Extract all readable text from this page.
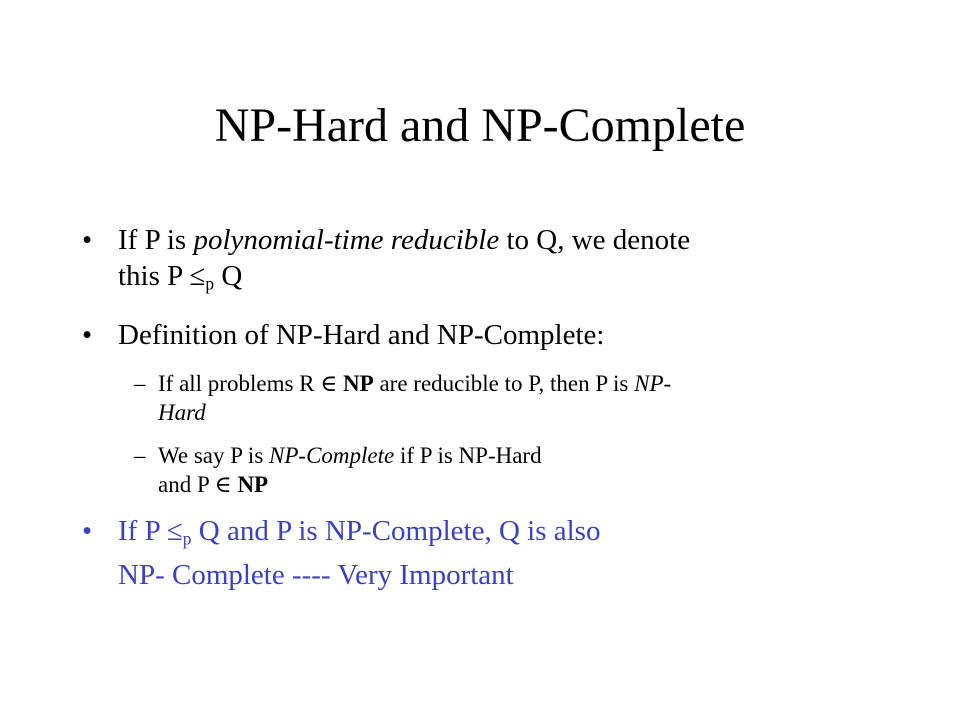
NP-Hard and NP-Complete
• If P is polynomial-time reducible to Q, we denote
this $P \le_p$ Q
• Definition of NP-Hard and NP-Complete:
– If all problems R ∈ NP are reducible to P, then P is NP-
Hard
– We say P is NP-Complete if P is NP-Hard
and P ∈ NP
• If $P \le_p$ Q and P is NP-Complete, Q is also
NP- Complete ---- Very Important
